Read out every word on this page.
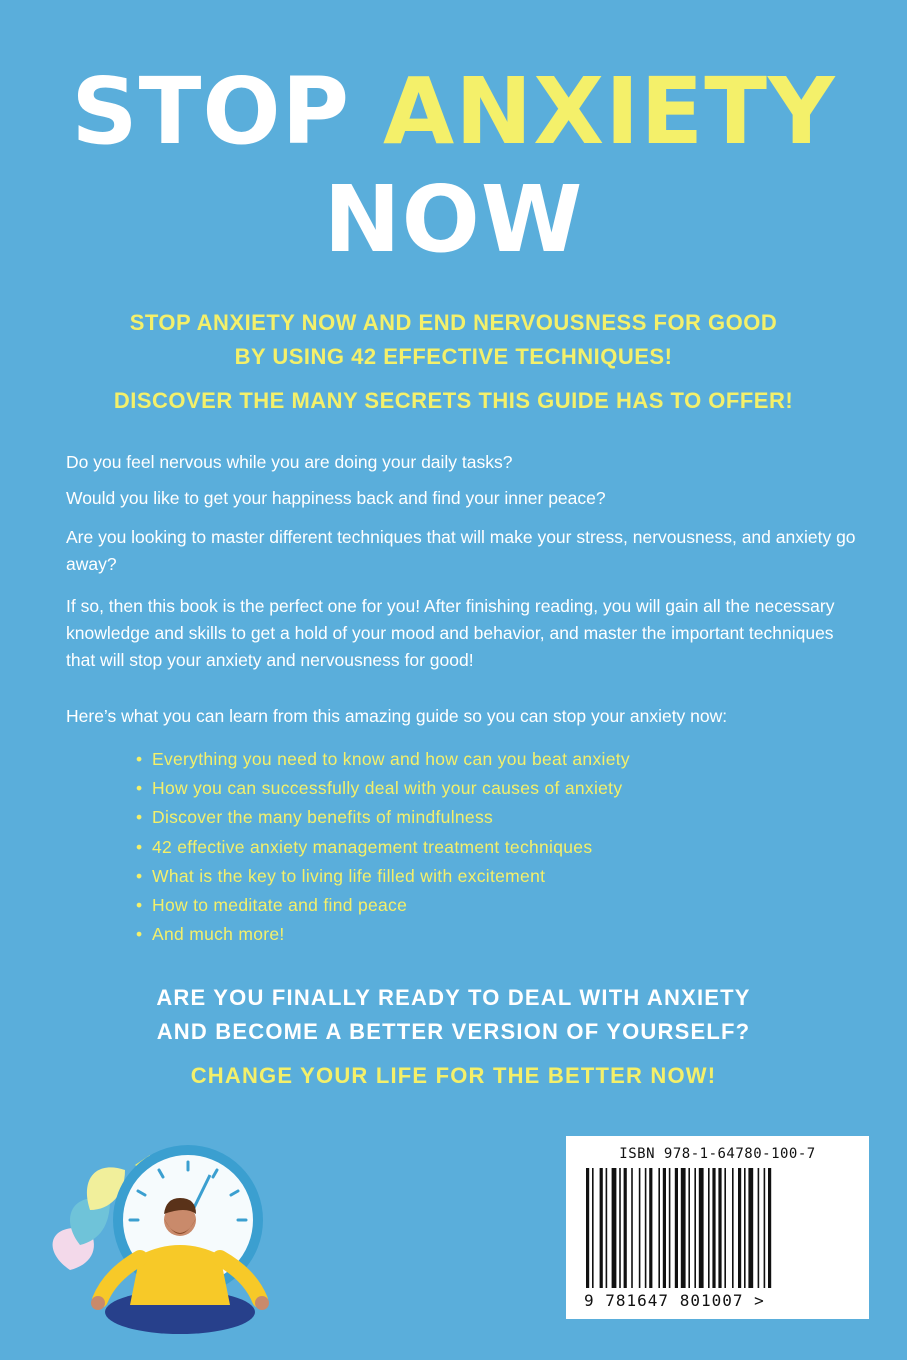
STOP ANXIETY
NOW
STOP ANXIETY NOW AND END NERVOUSNESS FOR GOOD
BY USING 42 EFFECTIVE TECHNIQUES!
DISCOVER THE MANY SECRETS THIS GUIDE HAS TO OFFER!
Do you feel nervous while you are doing your daily tasks?
Would you like to get your happiness back and find your inner peace?
Are you looking to master different techniques that will make your stress, nervousness, and anxiety go away?
If so, then this book is the perfect one for you! After finishing reading, you will gain all the necessary knowledge and skills to get a hold of your mood and behavior, and master the important techniques that will stop your anxiety and nervousness for good!
Here’s what you can learn from this amazing guide so you can stop your anxiety now:
• Everything you need to know and how can you beat anxiety
• How you can successfully deal with your causes of anxiety
• Discover the many benefits of mindfulness
• 42 effective anxiety management treatment techniques
• What is the key to living life filled with excitement
• How to meditate and find peace
• And much more!
ARE YOU FINALLY READY TO DEAL WITH ANXIETY
AND BECOME A BETTER VERSION OF YOURSELF?
CHANGE YOUR LIFE FOR THE BETTER NOW!
ISBN 978-1-64780-100-7
9 781647 801007 >
